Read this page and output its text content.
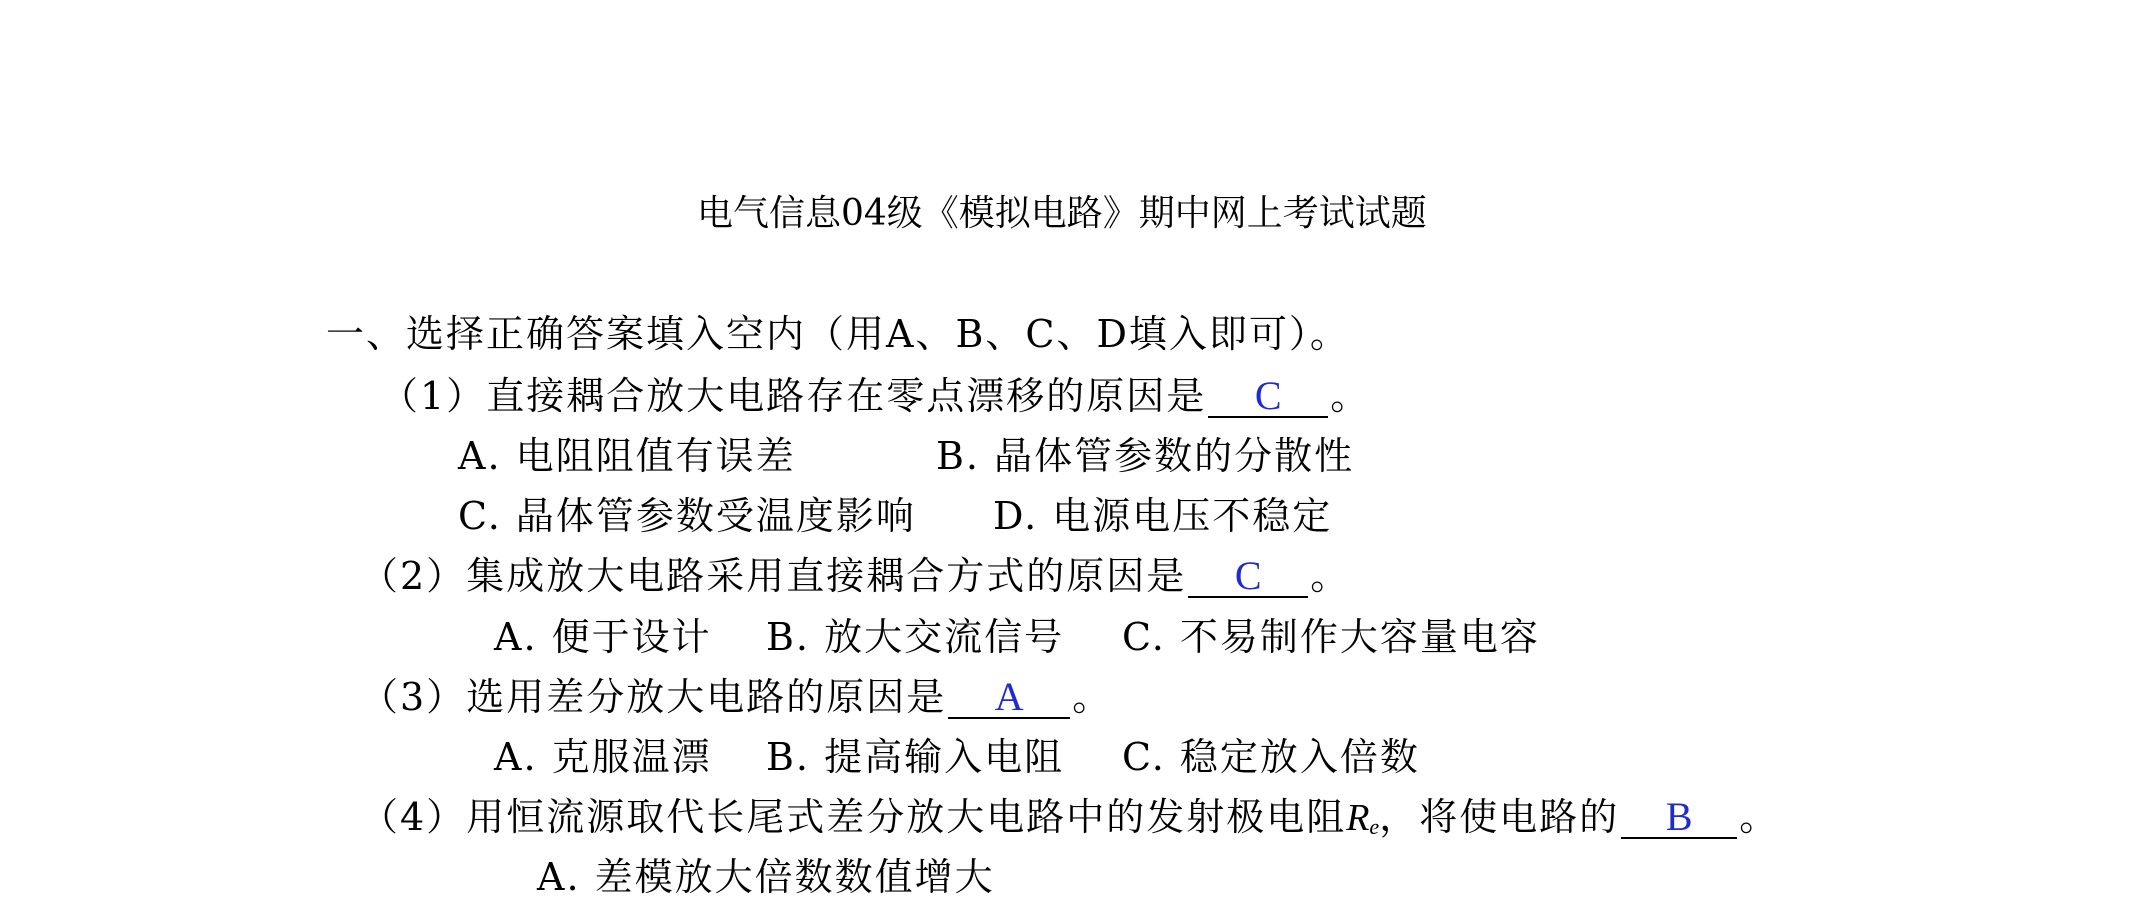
电气信息04级《模拟电路》期中网上考试试题
一、选择正确答案填入空内（用A、B、C、D填入即可）。
（1）直接耦合放大电路存在零点漂移的原因是 C 。
A. 电阻阻值有误差	B. 晶体管参数的分散性
C. 晶体管参数受温度影响 D. 电源电压不稳定
（2）集成放大电路采用直接耦合方式的原因是 C 。
A. 便于设计 B. 放大交流信号 C. 不易制作大容量电容
（3）选用差分放大电路的原因是 A 。
A. 克服温漂 B. 提高输入电阻 C. 稳定放入倍数
（4）用恒流源取代长尾式差分放大电路中的发射极电阻$R_e$，将使电路的 B 。
A. 差模放大倍数数值增大
